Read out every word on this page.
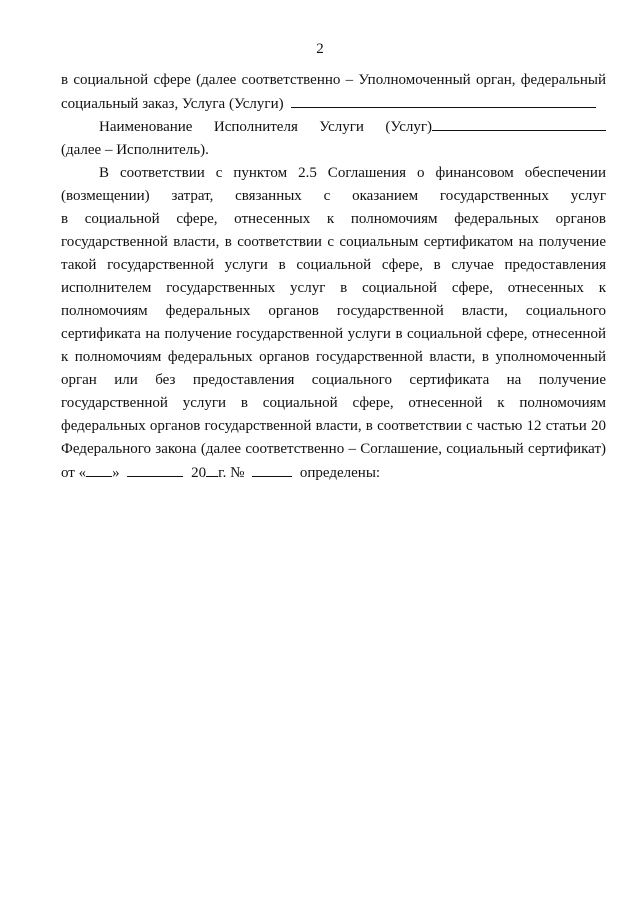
2
в социальной сфере (далее соответственно – Уполномоченный орган, федеральный
социальный заказ, Услуга (Услуги)
Наименование Исполнителя Услуги (Услуг)
(далее – Исполнитель).
В соответствии с пунктом 2.5 Соглашения о финансовом обеспечении
(возмещении) затрат, связанных с оказанием государственных услуг
в социальной сфере, отнесенных к полномочиям федеральных органов
государственной власти, в соответствии с социальным сертификатом на получение
такой государственной услуги в социальной сфере, в случае предоставления
исполнителем государственных услуг в социальной сфере, отнесенных к
полномочиям федеральных органов государственной власти, социального
сертификата на получение государственной услуги в социальной сфере, отнесенной
к полномочиям федеральных органов государственной власти, в уполномоченный
орган или без предоставления социального сертификата на получение
государственной услуги в социальной сфере, отнесенной к полномочиям
федеральных органов государственной власти, в соответствии с частью 12 статьи 20
Федерального закона (далее соответственно – Соглашение, социальный сертификат)
от « »	20 г. №	определены:
